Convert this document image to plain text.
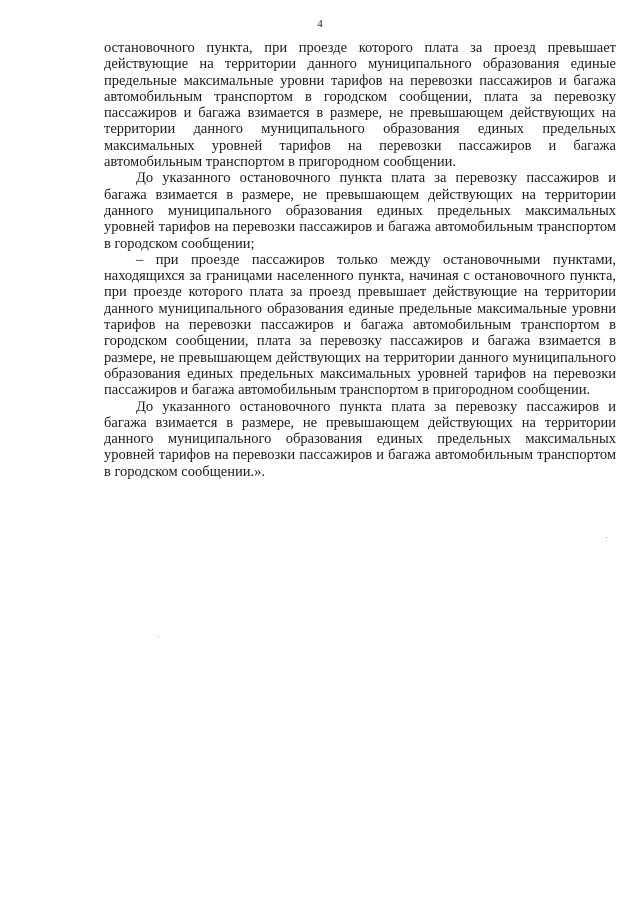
4

остановочного пункта, при проезде которого плата за проезд превышает действующие на территории данного муниципального образования единые предельные максимальные уровни тарифов на перевозки пассажиров и багажа автомобильным транспортом в городском сообщении, плата за перевозку пассажиров и багажа взимается в размере, не превышающем действующих на территории данного муниципального образования единых предельных максимальных уровней тарифов на перевозки пассажиров и багажа автомобильным транспортом в пригородном сообщении.

До указанного остановочного пункта плата за перевозку пассажиров и багажа взимается в размере, не превышающем действующих на территории данного муниципального образования единых предельных максимальных уровней тарифов на перевозки пассажиров и багажа автомобильным транспортом в городском сообщении;

– при проезде пассажиров только между остановочными пунктами, находящихся за границами населенного пункта, начиная с остановочного пункта, при проезде которого плата за проезд превышает действующие на территории данного муниципального образования единые предельные максимальные уровни тарифов на перевозки пассажиров и багажа автомобильным транспортом в городском сообщении, плата за перевозку пассажиров и багажа взимается в размере, не превышающем действующих на территории данного муниципального образования единых предельных максимальных уровней тарифов на перевозки пассажиров и багажа автомобильным транспортом в пригородном сообщении.

До указанного остановочного пункта плата за перевозку пассажиров и багажа взимается в размере, не превышающем действующих на территории данного муниципального образования единых предельных максимальных уровней тарифов на перевозки пассажиров и багажа автомобильным транспортом в городском сообщении.».
